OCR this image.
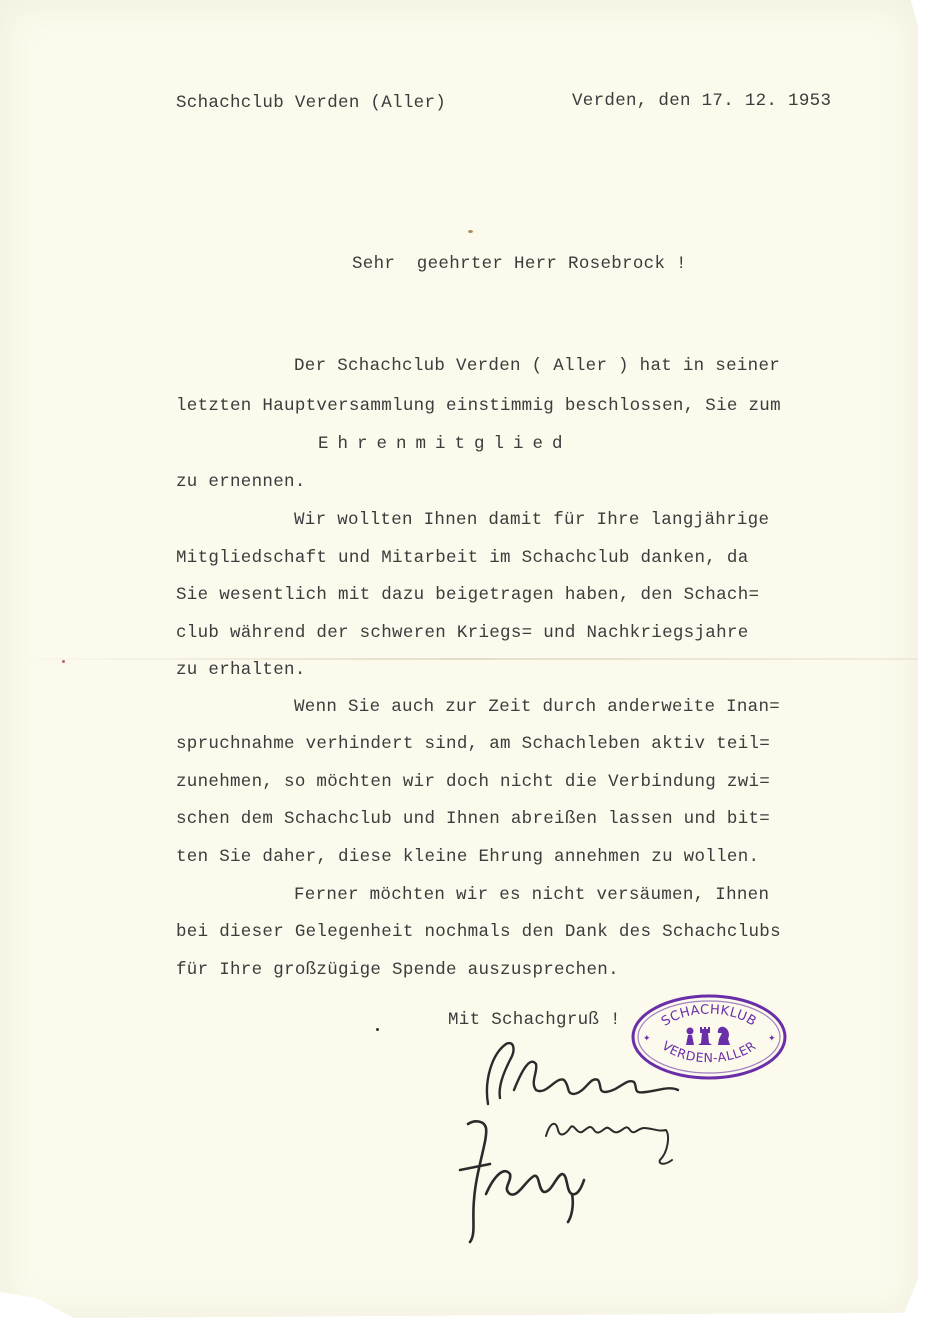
Schachclub Verden (Aller)	Verden, den 17. 12. 1953
Sehr  geehrter Herr Rosebrock !
Der Schachclub Verden ( Aller ) hat in seiner
letzten Hauptversammlung einstimmig beschlossen, Sie zum
Ehrenmitglied
zu ernennen.
Wir wollten Ihnen damit für Ihre langjährige
Mitgliedschaft und Mitarbeit im Schachclub danken, da
Sie wesentlich mit dazu beigetragen haben, den Schach=
club während der schweren Kriegs= und Nachkriegsjahre
zu erhalten.
Wenn Sie auch zur Zeit durch anderweite Inan=
spruchnahme verhindert sind, am Schachleben aktiv teil=
zunehmen, so möchten wir doch nicht die Verbindung zwi=
schen dem Schachclub und Ihnen abreißen lassen und bit=
ten Sie daher, diese kleine Ehrung annehmen zu wollen.
Ferner möchten wir es nicht versäumen, Ihnen
bei dieser Gelegenheit nochmals den Dank des Schachclubs
für Ihre großzügige Spende auszusprechen.
Mit Schachgruß !	SCHACHKLUB
VERDEN-ALLER
✦	✦
